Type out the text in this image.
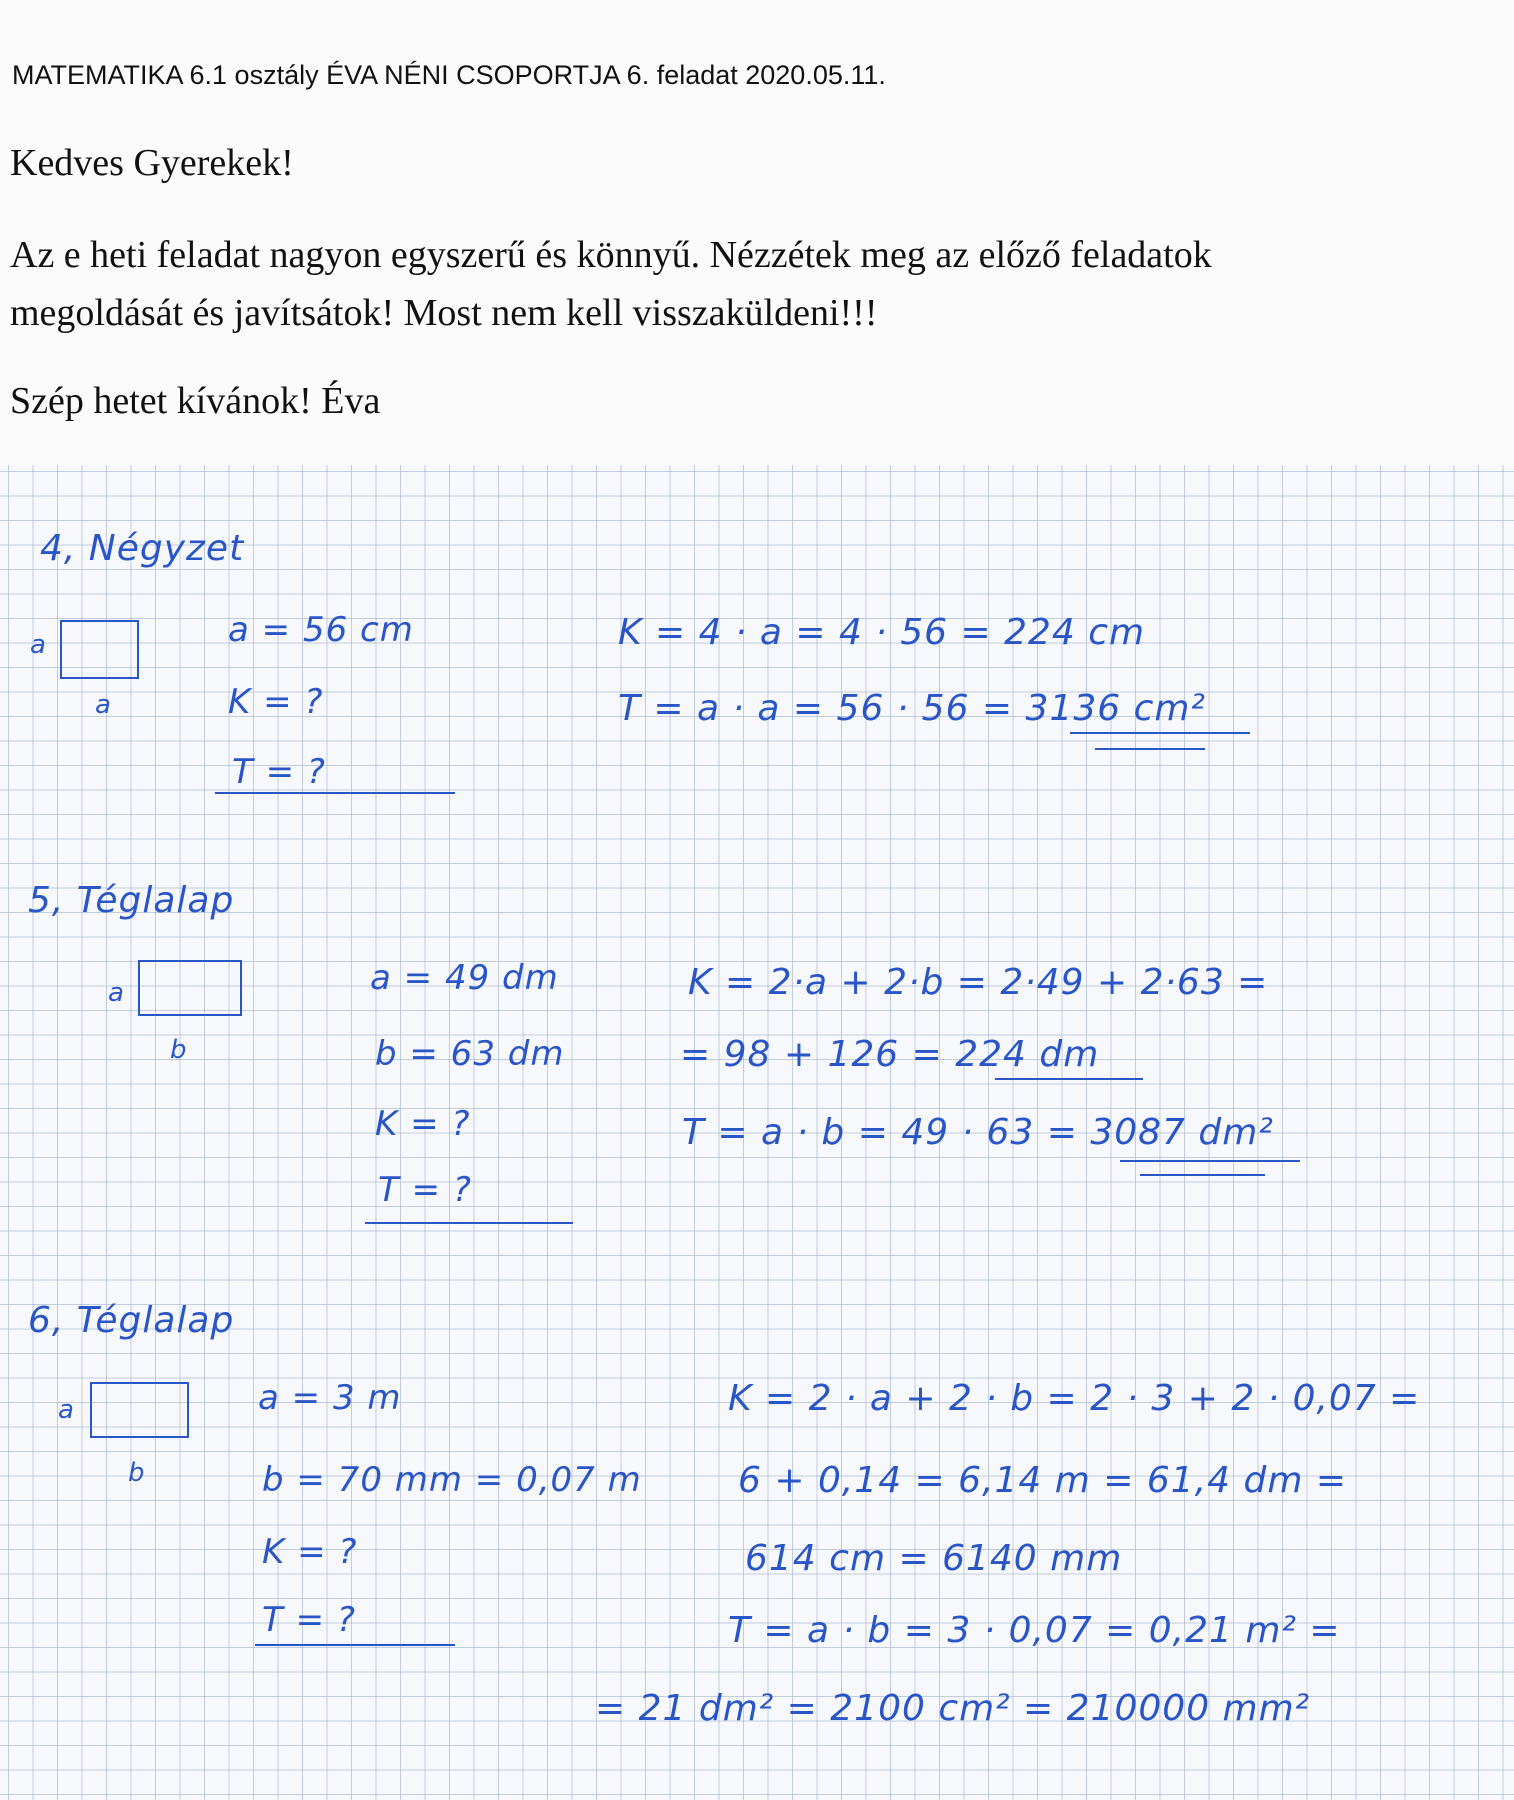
MATEMATIKA 6.1 osztály ÉVA NÉNI CSOPORTJA 6. feladat 2020.05.11.
Kedves Gyerekek!
Az e heti feladat nagyon egyszerű és könnyű. Nézzétek meg az előző feladatok
megoldását és javítsátok! Most nem kell visszaküldeni!!!
Szép hetet kívánok! Éva
4, Négyzet
a
a
a = 56 cm
K = ?
T = ?
K = 4 · a = 4 · 56 = 224 cm
T = a · a = 56 · 56 = 3136 cm²
5, Téglalap
a
b
a = 49 dm
b = 63 dm
K = ?
T = ?
K = 2·a + 2·b = 2·49 + 2·63 =
= 98 + 126 = 224 dm
T = a · b = 49 · 63 = 3087 dm²
6, Téglalap
a
b
a = 3 m
b = 70 mm = 0,07 m
K = ?
T = ?
K = 2 · a + 2 · b = 2 · 3 + 2 · 0,07 =
6 + 0,14 = 6,14 m = 61,4 dm =
614 cm = 6140 mm
T = a · b = 3 · 0,07 = 0,21 m² =
= 21 dm² = 2100 cm² = 210000 mm²
